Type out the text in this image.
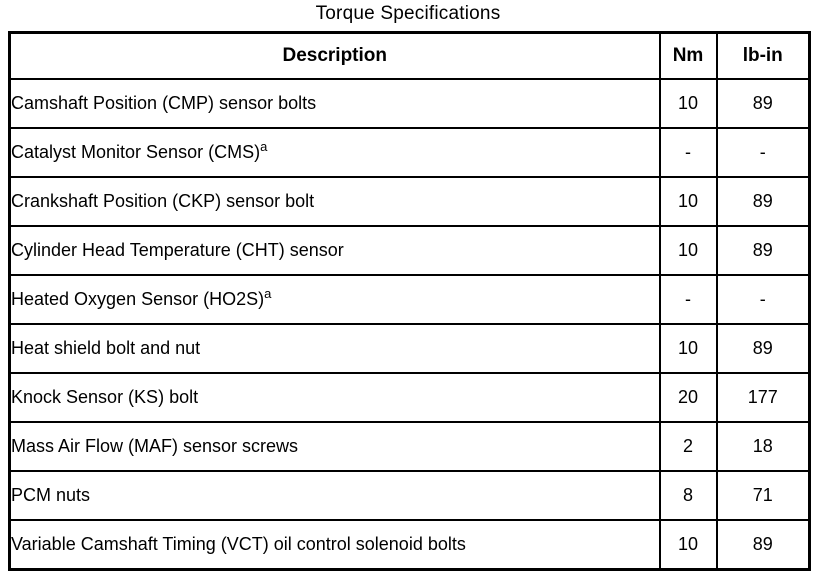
Torque Specifications
Description	Nm	lb-in
Camshaft Position (CMP) sensor bolts	10	89
Catalyst Monitor Sensor (CMS)$^a$	-	-
Crankshaft Position (CKP) sensor bolt	10	89
Cylinder Head Temperature (CHT) sensor	10	89
Heated Oxygen Sensor (HO2S)$^a$	-	-
Heat shield bolt and nut	10	89
Knock Sensor (KS) bolt	20	177
Mass Air Flow (MAF) sensor screws	2	18
PCM nuts	8	71
Variable Camshaft Timing (VCT) oil control solenoid bolts	10	89
